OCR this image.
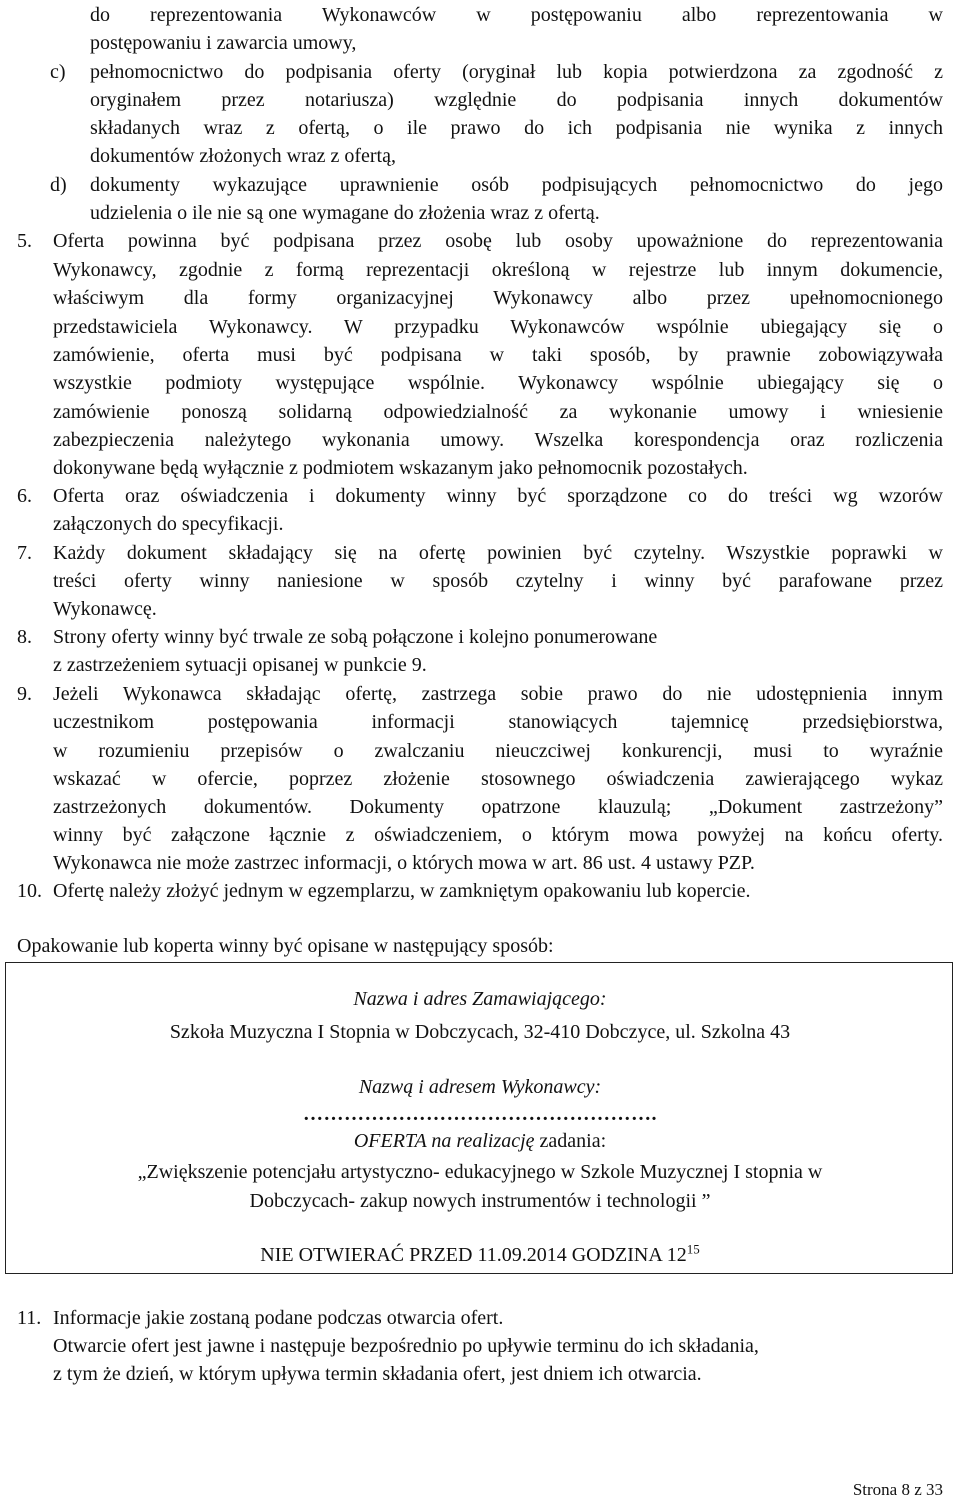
do reprezentowania Wykonawców w postępowaniu albo reprezentowania w
postępowaniu i zawarcia umowy,
c) pełnomocnictwo do podpisania oferty (oryginał lub kopia potwierdzona za zgodność z
oryginałem przez notariusza) względnie do podpisania innych dokumentów
składanych wraz z ofertą, o ile prawo do ich podpisania nie wynika z innych
dokumentów złożonych wraz z ofertą,
d) dokumenty wykazujące uprawnienie osób podpisujących pełnomocnictwo do jego
udzielenia o ile nie są one wymagane do złożenia wraz z ofertą.
5. Oferta powinna być podpisana przez osobę lub osoby upoważnione do reprezentowania
Wykonawcy, zgodnie z formą reprezentacji określoną w rejestrze lub innym dokumencie,
właściwym dla formy organizacyjnej Wykonawcy albo przez upełnomocnionego
przedstawiciela Wykonawcy. W przypadku Wykonawców wspólnie ubiegający się o
zamówienie, oferta musi być podpisana w taki sposób, by prawnie zobowiązywała
wszystkie podmioty występujące wspólnie. Wykonawcy wspólnie ubiegający się o
zamówienie ponoszą solidarną odpowiedzialność za wykonanie umowy i wniesienie
zabezpieczenia należytego wykonania umowy. Wszelka korespondencja oraz rozliczenia
dokonywane będą wyłącznie z podmiotem wskazanym jako pełnomocnik pozostałych.
6. Oferta oraz oświadczenia i dokumenty winny być sporządzone co do treści wg wzorów
załączonych do specyfikacji.
7. Każdy dokument składający się na ofertę powinien być czytelny. Wszystkie poprawki w
treści oferty winny naniesione w sposób czytelny i winny być parafowane przez
Wykonawcę.
8. Strony oferty winny być trwale ze sobą połączone i kolejno ponumerowane
z zastrzeżeniem sytuacji opisanej w punkcie 9.
9. Jeżeli Wykonawca składając ofertę, zastrzega sobie prawo do nie udostępnienia innym
uczestnikom postępowania informacji stanowiących tajemnicę przedsiębiorstwa,
w rozumieniu przepisów o zwalczaniu nieuczciwej konkurencji, musi to wyraźnie
wskazać w ofercie, poprzez złożenie stosownego oświadczenia zawierającego wykaz
zastrzeżonych dokumentów. Dokumenty opatrzone klauzulą; „Dokument zastrzeżony”
winny być załączone łącznie z oświadczeniem, o którym mowa powyżej na końcu oferty.
Wykonawca nie może zastrzec informacji, o których mowa w art. 86 ust. 4 ustawy PZP.
10. Ofertę należy złożyć jednym w egzemplarzu, w zamkniętym opakowaniu lub kopercie.
Opakowanie lub koperta winny być opisane w następujący sposób:
Nazwa i adres Zamawiającego:
Szkoła Muzyczna I Stopnia w Dobczycach, 32-410 Dobczyce, ul. Szkolna 43
Nazwą i adresem Wykonawcy:
…………………………………………….
OFERTA na realizację zadania:
„Zwiększenie potencjału artystyczno- edukacyjnego w Szkole Muzycznej I stopnia w
Dobczycach- zakup nowych instrumentów i technologii ”
NIE OTWIERAĆ PRZED 11.09.2014 GODZINA $12^{15}$
11. Informacje jakie zostaną podane podczas otwarcia ofert.
Otwarcie ofert jest jawne i następuje bezpośrednio po upływie terminu do ich składania,
z tym że dzień, w którym upływa termin składania ofert, jest dniem ich otwarcia.
Strona 8 z 33
